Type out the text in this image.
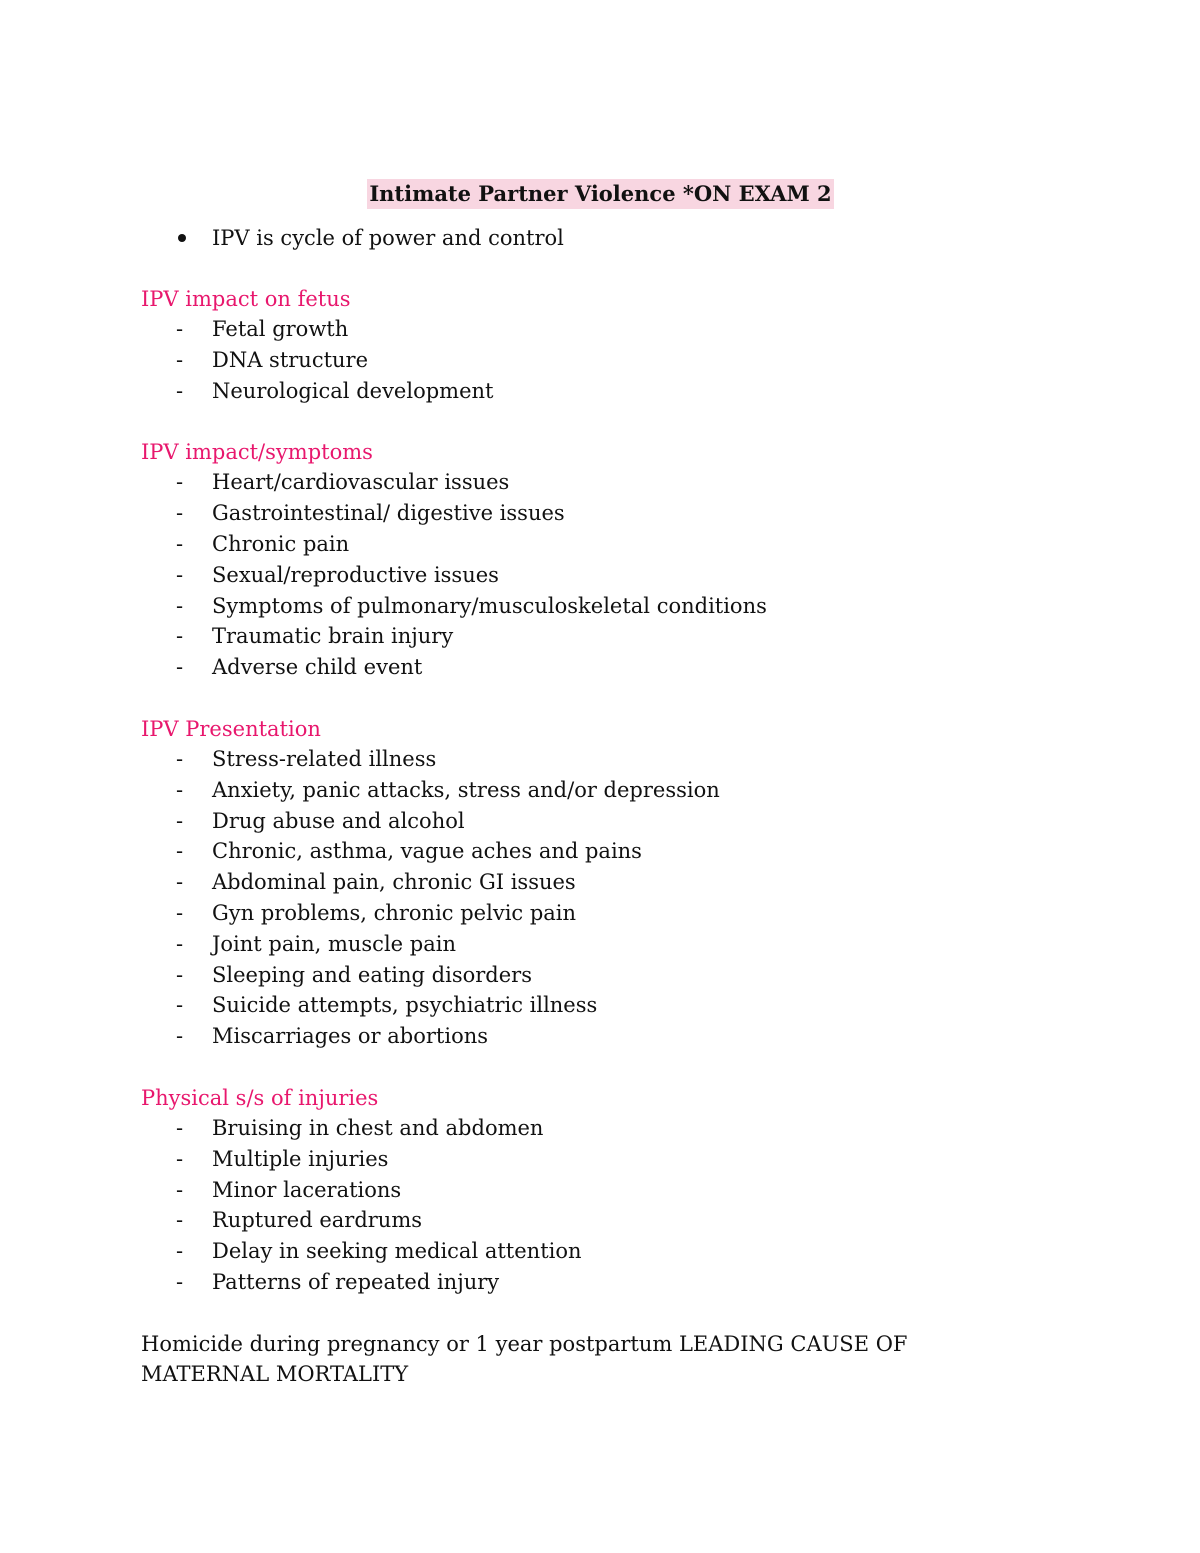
Intimate Partner Violence *ON EXAM 2
IPV is cycle of power and control
IPV impact on fetus
- Fetal growth
- DNA structure
- Neurological development
IPV impact/symptoms
- Heart/cardiovascular issues
- Gastrointestinal/ digestive issues
- Chronic pain
- Sexual/reproductive issues
- Symptoms of pulmonary/musculoskeletal conditions
- Traumatic brain injury
- Adverse child event
IPV Presentation
- Stress-related illness
- Anxiety, panic attacks, stress and/or depression
- Drug abuse and alcohol
- Chronic, asthma, vague aches and pains
- Abdominal pain, chronic GI issues
- Gyn problems, chronic pelvic pain
- Joint pain, muscle pain
- Sleeping and eating disorders
- Suicide attempts, psychiatric illness
- Miscarriages or abortions
Physical s/s of injuries
- Bruising in chest and abdomen
- Multiple injuries
- Minor lacerations
- Ruptured eardrums
- Delay in seeking medical attention
- Patterns of repeated injury
Homicide during pregnancy or 1 year postpartum LEADING CAUSE OF MATERNAL MORTALITY
